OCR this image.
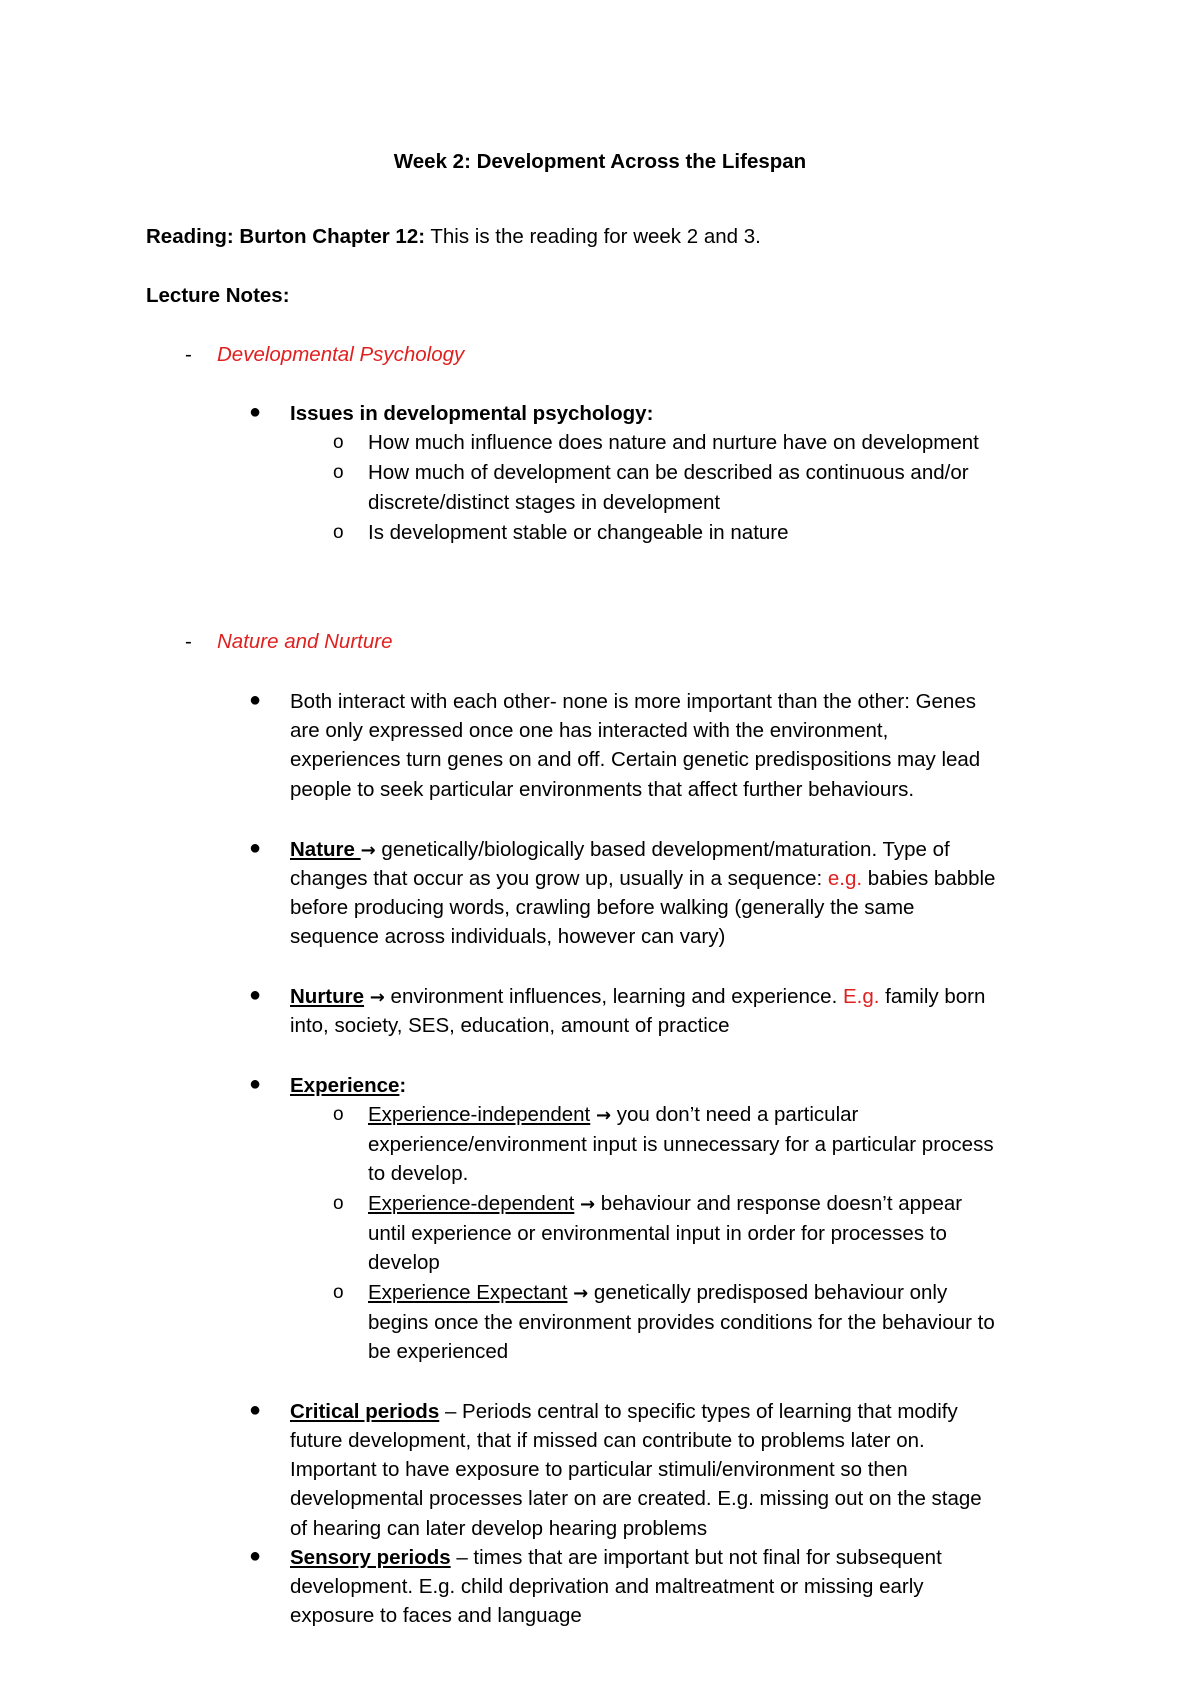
Week 2: Development Across the Lifespan
Reading: Burton Chapter 12: This is the reading for week 2 and 3.
Lecture Notes:
- Developmental Psychology
● Issues in developmental psychology:
o How much influence does nature and nurture have on development
o How much of development can be described as continuous and/or
discrete/distinct stages in development
o Is development stable or changeable in nature
- Nature and Nurture
● Both interact with each other- none is more important than the other: Genes
are only expressed once one has interacted with the environment,
experiences turn genes on and off. Certain genetic predispositions may lead
people to seek particular environments that affect further behaviours.
● Nature → genetically/biologically based development/maturation. Type of
changes that occur as you grow up, usually in a sequence: e.g. babies babble
before producing words, crawling before walking (generally the same
sequence across individuals, however can vary)
● Nurture → environment influences, learning and experience. E.g. family born
into, society, SES, education, amount of practice
● Experience:
o Experience-independent → you don’t need a particular
experience/environment input is unnecessary for a particular process
to develop.
o Experience-dependent → behaviour and response doesn’t appear
until experience or environmental input in order for processes to
develop
o Experience Expectant → genetically predisposed behaviour only
begins once the environment provides conditions for the behaviour to
be experienced
● Critical periods – Periods central to specific types of learning that modify
future development, that if missed can contribute to problems later on.
Important to have exposure to particular stimuli/environment so then
developmental processes later on are created. E.g. missing out on the stage
of hearing can later develop hearing problems
● Sensory periods – times that are important but not final for subsequent
development. E.g. child deprivation and maltreatment or missing early
exposure to faces and language
